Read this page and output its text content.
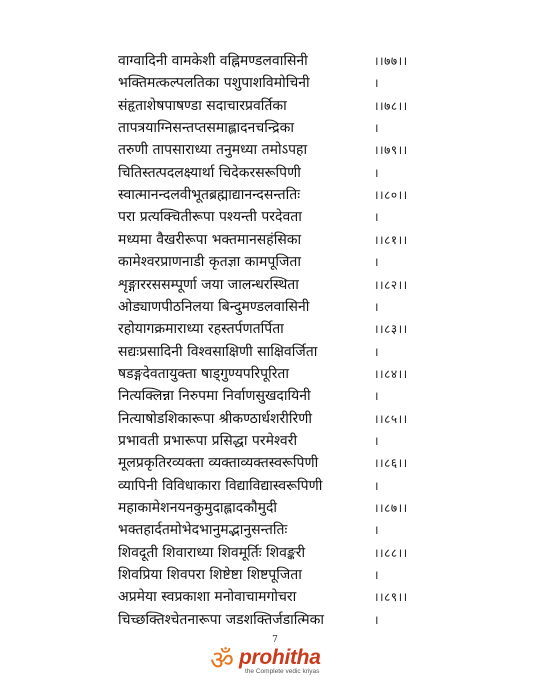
वाग्वादिनी वामकेशी वह्निमण्डलवासिनी	।।७७।।
भक्तिमत्कल्पलतिका पशुपाशविमोचिनी	।
संहृताशेषपाषण्डा सदाचारप्रवर्तिका	।।७८।।
तापत्रयाग्निसन्तप्तसमाह्लादनचन्द्रिका	।
तरुणी तापसाराध्या तनुमध्या तमोऽपहा	।।७९।।
चितिस्तत्पदलक्ष्यार्था चिदेकरसरूपिणी	।
स्वात्मानन्दलवीभूतब्रह्माद्यानन्दसन्ततिः	।।८०।।
परा प्रत्यक्चितीरूपा पश्यन्ती परदेवता	।
मध्यमा वैखरीरूपा भक्तमानसहंसिका	।।८१।।
कामेश्वरप्राणनाडी कृतज्ञा कामपूजिता	।
शृङ्गाररससम्पूर्णा जया जालन्धरस्थिता	।।८२।।
ओड्याणपीठनिलया बिन्दुमण्डलवासिनी	।
रहोयागक्रमाराध्या रहस्तर्पणतर्पिता	।।८३।।
सद्यःप्रसादिनी विश्वसाक्षिणी साक्षिवर्जिता	।
षडङ्गदेवतायुक्ता षाड्गुण्यपरिपूरिता	।।८४।।
नित्यक्लिन्ना निरुपमा निर्वाणसुखदायिनी	।
नित्याषोडशिकारूपा श्रीकण्ठार्धशरीरिणी	।।८५।।
प्रभावती प्रभारूपा प्रसिद्धा परमेश्वरी	।
मूलप्रकृतिरव्यक्ता व्यक्ताव्यक्तस्वरूपिणी	।।८६।।
व्यापिनी विविधाकारा विद्याविद्यास्वरूपिणी	।
महाकामेशनयनकुमुदाह्लादकौमुदी	।।८७।।
भक्तहार्दतमोभेदभानुमद्भानुसन्ततिः	।
शिवदूती शिवाराध्या शिवमूर्तिः शिवङ्करी	।।८८।।
शिवप्रिया शिवपरा शिष्टेष्टा शिष्टपूजिता	।
अप्रमेया स्वप्रकाशा मनोवाचामगोचरा	।।८९।।
चिच्छक्तिश्चेतनारूपा जडशक्तिर्जडात्मिका	।
7
ॐ prohitha
the Complete vedic kriyas
